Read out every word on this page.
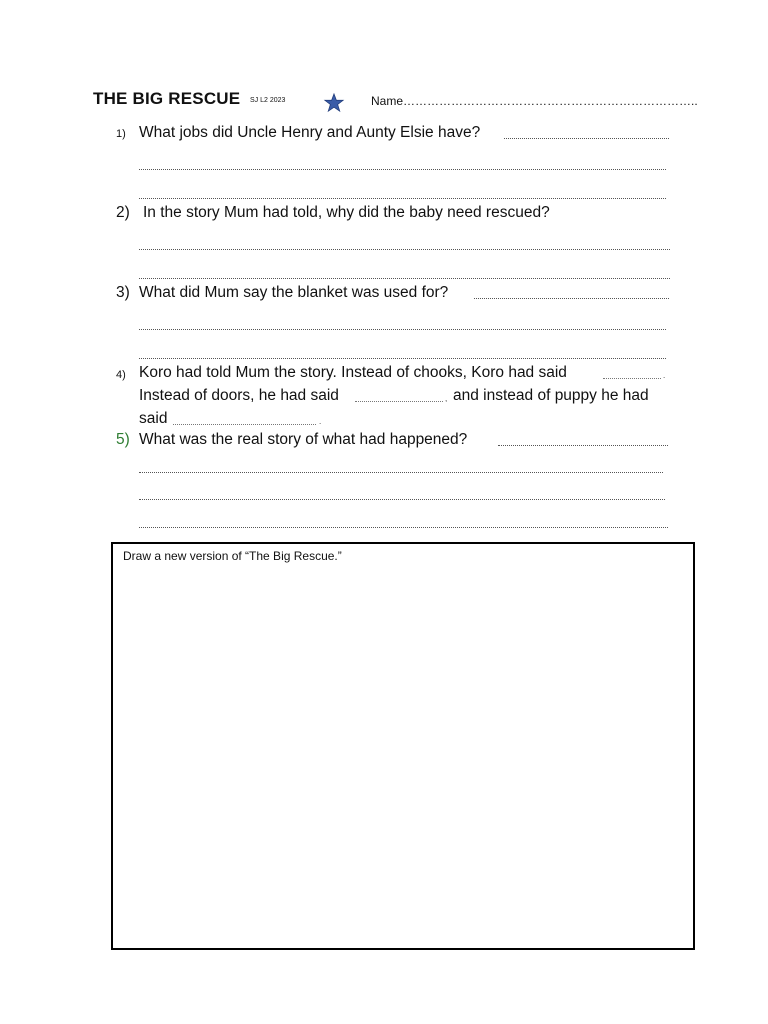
THE BIG RESCUE SJ L2 2023	Name………………………………………………………………..
1) What jobs did Uncle Henry and Aunty Elsie have?
2) In the story Mum had told, why did the baby need rescued?
3) What did Mum say the blanket was used for?
4) Koro had told Mum the story. Instead of chooks, Koro had said	.
Instead of doors, he had said	, and instead of puppy he had
said	.
5) What was the real story of what had happened?
Draw a new version of “The Big Rescue.”
